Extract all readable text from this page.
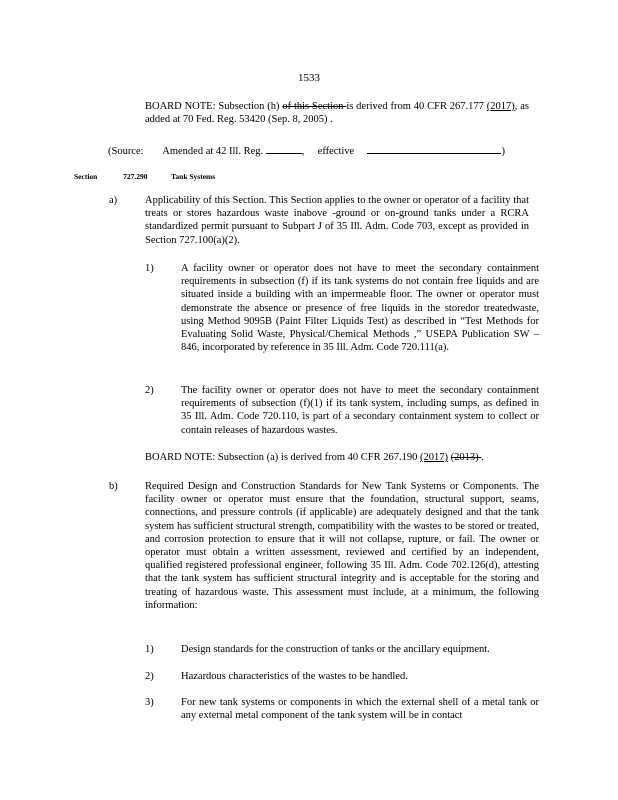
1533
BOARD NOTE: Subsection (h) of this Section is derived from 40 CFR 267.177 (2017), as added at 70 Fed. Reg. 53420 (Sep. 8, 2005) .
(Source: Amended at 42 Ill. Reg.	, effective	)
Section	727.290	Tank Systems
a)	Applicability of this Section. This Section applies to the owner or operator of a facility that treats or stores hazardous waste inabove -ground or on-ground tanks under a RCRA standardized permit pursuant to Subpart J of 35 Ill. Adm. Code 703, except as provided in Section 727.100(a)(2).
1)	A facility owner or operator does not have to meet the secondary containment requirements in subsection (f) if its tank systems do not contain free liquids and are situated inside a building with an impermeable floor. The owner or operator must demonstrate the absence or presence of free liquids in the storedor treatedwaste, using Method 9095B (Paint Filter Liquids Test) as described in “Test Methods for Evaluating Solid Waste, Physical/Chemical Methods ,” USEPA Publication SW – 846, incorporated by reference in 35 Ill. Adm. Code 720.111(a).
2)	The facility owner or operator does not have to meet the secondary containment requirements of subsection (f)(1) if its tank system, including sumps, as defined in 35 Ill. Adm. Code 720.110, is part of a secondary containment system to collect or contain releases of hazardous wastes.
BOARD NOTE: Subsection (a) is derived from 40 CFR 267.190 (2017) (2013) .
b)	Required Design and Construction Standards for New Tank Systems or Components. The facility owner or operator must ensure that the foundation, structural support, seams, connections, and pressure controls (if applicable) are adequately designed and that the tank system has sufficient structural strength, compatibility with the wastes to be stored or treated, and corrosion protection to ensure that it will not collapse, rupture, or fail. The owner or operator must obtain a written assessment, reviewed and certified by an independent, qualified registered professional engineer, following 35 Ill. Adm. Code 702.126(d), attesting that the tank system has sufficient structural integrity and is acceptable for the storing and treating of hazardous waste. This assessment must include, at a minimum, the following information:
1)	Design standards for the construction of tanks or the ancillary equipment.
2)	Hazardous characteristics of the wastes to be handled.
3)	For new tank systems or components in which the external shell of a metal tank or any external metal component of the tank system will be in contact
